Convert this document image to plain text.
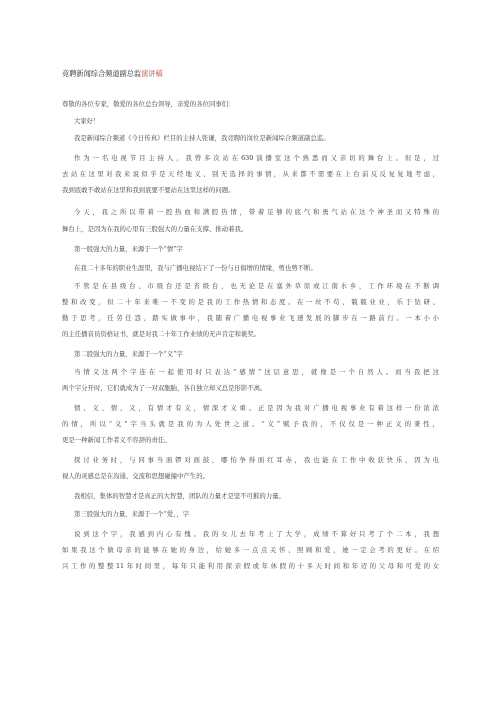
竞聘新闻综合频道副总监演讲稿
尊敬的各位专家，敬爱的各位总台领导，亲爱的各位同事们：
大家好！
我是新闻综合频道《今日传真》栏目的主持人张谦，我竞聘的岗位是新闻综合频道副总监。
作为一名电视节目主持人，我曾多次站在630演播室这个熟悉而又亲切的舞台上。但是，过
去站在这里对我来说似乎是天经地义、别无选择的事情，从来都不需要在上台前反反复复地考虑，
我到底敢不敢站在这里和我到底要不要站在这里这样的问题。
今天，我之所以带着一腔热血和满腔热情，带着足够的底气和勇气站在这个神圣而又特殊的
舞台上，是因为在我的心里有三股强大的力量在支撑、推动着我。
第一股强大的力量，来源于一个“情”字
在我二十多年的职业生涯里，我与广播电视结下了一份与日俱增的情缘，剪也剪不断。
不管是在县级台、市级台还是省级台，也无论是在塞外草原或江南水乡，工作环境在不断调
整和改变，但二十年来唯一不变的是我的工作热情和态度。在一丝不苟、兢兢业业，乐于钻研、
勤于思考，任劳任怨、踏实做事中，我随着广播电视事业飞速发展的脚步在一路前行。一本小小
的主任播音员资格证书，就是对我二十年工作业绩的无声肯定和褒奖。
第二股强大的力量，来源于一个“义”字
当情义这两个字连在一起使用时只表达“感情”这层意思，就像是一个自然人。而当我把这
两个字分开时，它们就成为了一对双胞胎，各自独立却又总是形影不离。
情、义、情、义，有情才有义，情深才义重。正是因为我对广播电视事业有着这样一份浓浓
的情，所以“义”字当头就是我的为人处世之道。“义”赋予我的，不仅仅是一种正义的秉性，
更是一种新闻工作者义不容辞的责任。
探讨业务时，与同事当面锣对面鼓，哪怕争得面红耳赤，我也能在工作中收获快乐，因为电
视人的灵感总是在沟通、交流和思想碰撞中产生的。
我相信，集体的智慧才是真正的大智慧，团队的力量才是坚不可摧的力量。
第三股强大的力量，来源于一个“爱，，字
说到这个字，我感到内心有愧。我的女儿去年考上了大学，成绩不算好只考了个二本，我想
如果我这个做母亲的能够在她的身边，给她多一点点关怀、照顾和爱，她一定会考的更好。在绍
兴工作的整整11年时间里，每年只能利用探亲假或年休假的十多天时间和年迈的父母和可爱的女
